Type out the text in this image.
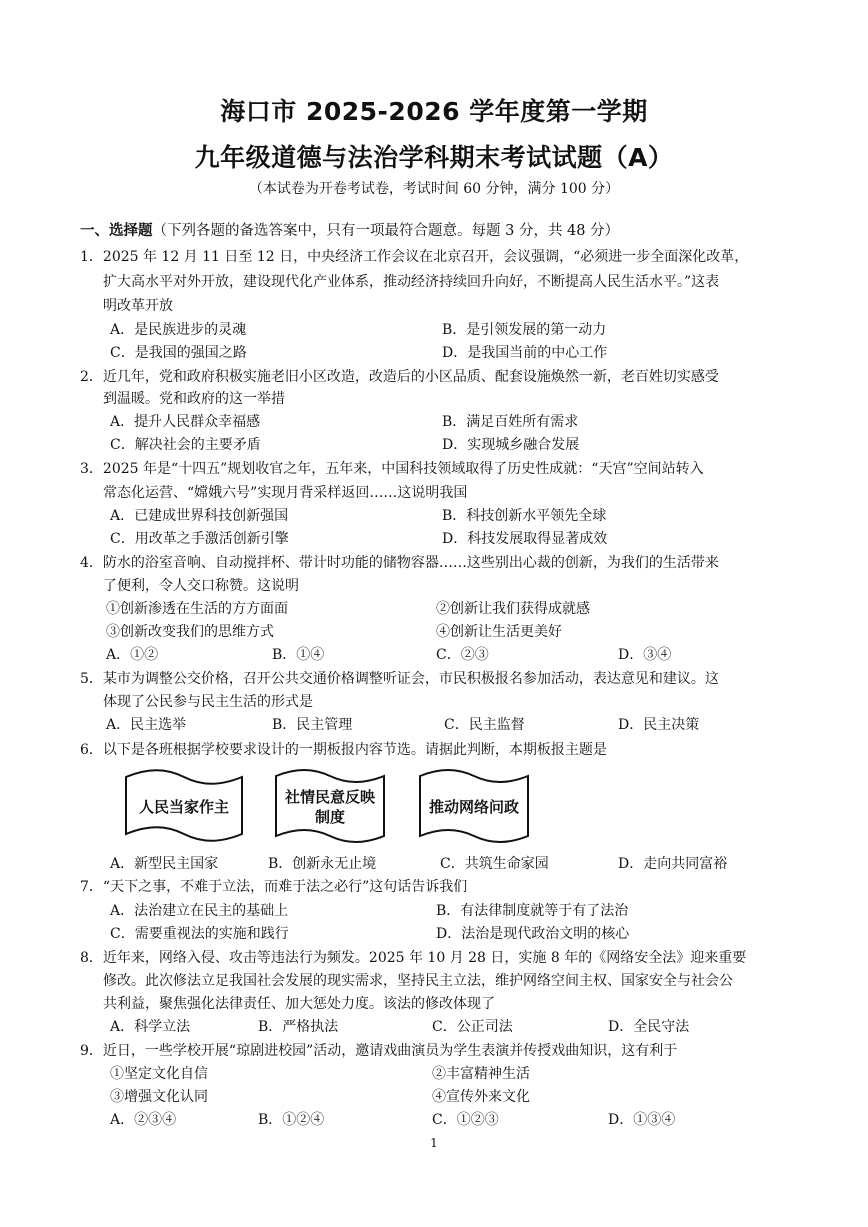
海口市 2025-2026 学年度第一学期
九年级道德与法治学科期末考试试题（A）
（本试卷为开卷考试卷，考试时间 60 分钟，满分 100 分）
一、选择题（下列各题的备选答案中，只有一项最符合题意。每题 3 分，共 48 分）
1．2025 年 12 月 11 日至 12 日，中央经济工作会议在北京召开，会议强调，“必须进一步全面深化改革，
扩大高水平对外开放，建设现代化产业体系，推动经济持续回升向好，不断提高人民生活水平。”这表
明改革开放
A．是民族进步的灵魂	B．是引领发展的第一动力
C．是我国的强国之路	D．是我国当前的中心工作
2．近几年，党和政府积极实施老旧小区改造，改造后的小区品质、配套设施焕然一新，老百姓切实感受
到温暖。党和政府的这一举措
A．提升人民群众幸福感	B．满足百姓所有需求
C．解决社会的主要矛盾	D．实现城乡融合发展
3．2025 年是“十四五”规划收官之年，五年来，中国科技领域取得了历史性成就：“天宫”空间站转入
常态化运营、“嫦娥六号”实现月背采样返回……这说明我国
A．已建成世界科技创新强国	B．科技创新水平领先全球
C．用改革之手激活创新引擎	D．科技发展取得显著成效
4．防水的浴室音响、自动搅拌杯、带计时功能的储物容器……这些别出心裁的创新，为我们的生活带来
了便利，令人交口称赞。这说明
①创新渗透在生活的方方面面	②创新让我们获得成就感
③创新改变我们的思维方式	④创新让生活更美好
A．①②	B．①④	C．②③	D．③④
5．某市为调整公交价格，召开公共交通价格调整听证会，市民积极报名参加活动，表达意见和建议。这
体现了公民参与民主生活的形式是
A．民主选举	B．民主管理	C．民主监督	D．民主决策
6．以下是各班根据学校要求设计的一期板报内容节选。请据此判断，本期板报主题是
人民当家作主
社情民意反映制度
推动网络问政
A．新型民主国家	B．创新永无止境	C．共筑生命家园	D．走向共同富裕
7．“天下之事，不难于立法，而难于法之必行”这句话告诉我们
A．法治建立在民主的基础上	B．有法律制度就等于有了法治
C．需要重视法的实施和践行	D．法治是现代政治文明的核心
8．近年来，网络入侵、攻击等违法行为频发。2025 年 10 月 28 日，实施 8 年的《网络安全法》迎来重要
修改。此次修法立足我国社会发展的现实需求，坚持民主立法，维护网络空间主权、国家安全与社会公
共利益，聚焦强化法律责任、加大惩处力度。该法的修改体现了
A．科学立法	B．严格执法	C．公正司法	D．全民守法
9．近日，一些学校开展“琼剧进校园”活动，邀请戏曲演员为学生表演并传授戏曲知识，这有利于
①坚定文化自信	②丰富精神生活
③增强文化认同	④宣传外来文化
A．②③④	B．①②④	C．①②③	D．①③④
1
